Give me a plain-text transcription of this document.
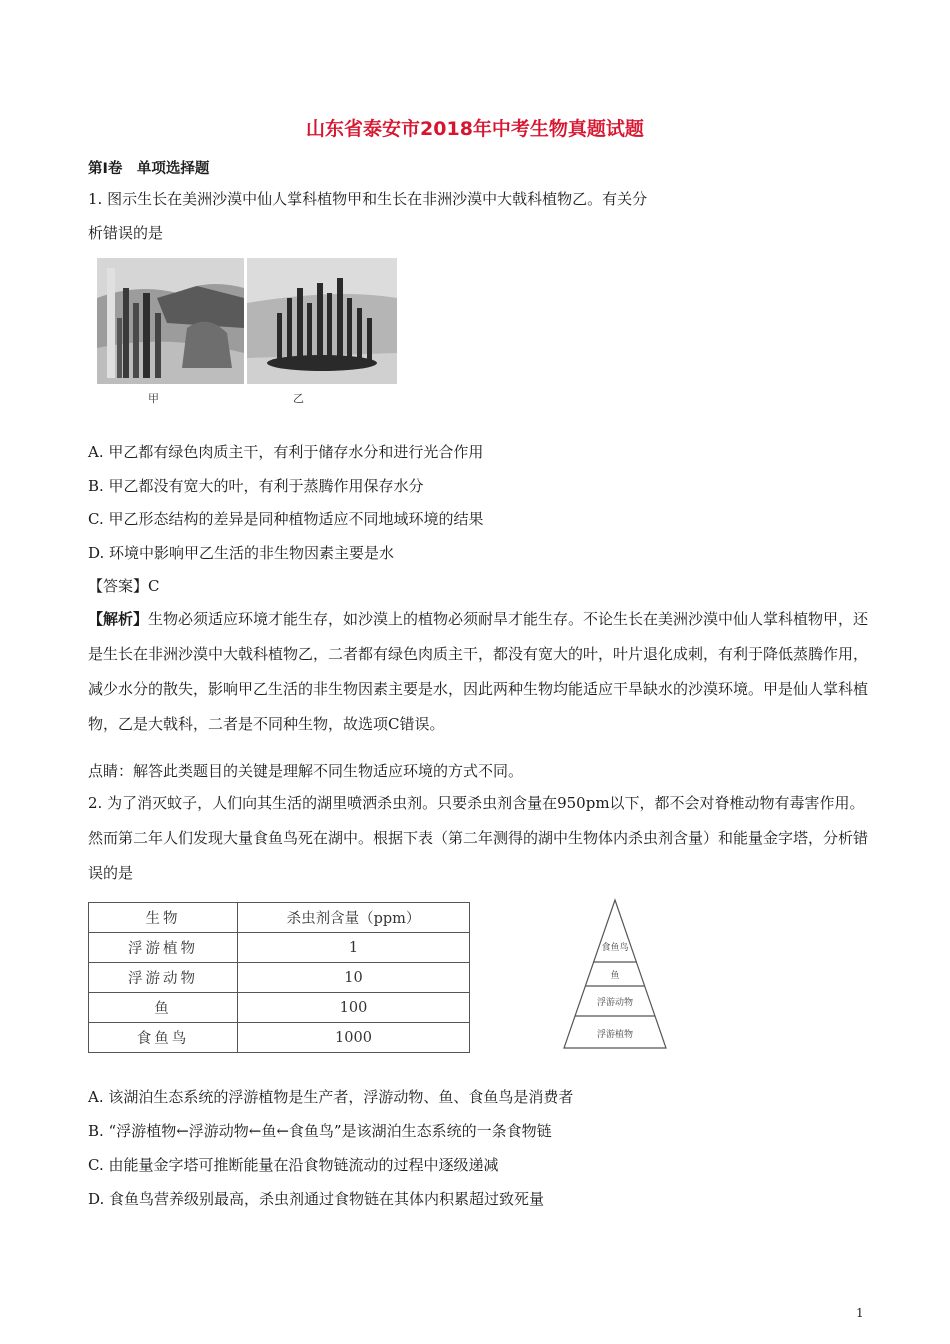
山东省泰安市2018年中考生物真题试题
第Ⅰ卷　单项选择题
1. 图示生长在美洲沙漠中仙人掌科植物甲和生长在非洲沙漠中大戟科植物乙。有关分
析错误的是
甲	乙
A. 甲乙都有绿色肉质主干，有利于储存水分和进行光合作用
B. 甲乙都没有宽大的叶，有利于蒸腾作用保存水分
C. 甲乙形态结构的差异是同种植物适应不同地域环境的结果
D. 环境中影响甲乙生活的非生物因素主要是水
【答案】C
【解析】生物必须适应环境才能生存，如沙漠上的植物必须耐旱才能生存。不论生长在美洲沙漠中仙人掌科植物甲，还是生长在非洲沙漠中大戟科植物乙，二者都有绿色肉质主干，都没有宽大的叶，叶片退化成刺，有利于降低蒸腾作用，减少水分的散失，影响甲乙生活的非生物因素主要是水，因此两种生物均能适应干旱缺水的沙漠环境。甲是仙人掌科植物，乙是大戟科，二者是不同种生物，故选项C错误。
点睛：解答此类题目的关键是理解不同生物适应环境的方式不同。
2. 为了消灭蚊子，人们向其生活的湖里喷洒杀虫剂。只要杀虫剂含量在950pm以下，都不会对脊椎动物有毒害作用。然而第二年人们发现大量食鱼鸟死在湖中。根据下表（第二年测得的湖中生物体内杀虫剂含量）和能量金字塔，分析错误的是
生物	杀虫剂含量（ppm）
浮游植物	1
浮游动物	10
鱼	100
食鱼鸟	1000
食鱼鸟
鱼
浮游动物
浮游植物
A. 该湖泊生态系统的浮游植物是生产者，浮游动物、鱼、食鱼鸟是消费者
B. “浮游植物←浮游动物←鱼←食鱼鸟”是该湖泊生态系统的一条食物链
C. 由能量金字塔可推断能量在沿食物链流动的过程中逐级递减
D. 食鱼鸟营养级别最高，杀虫剂通过食物链在其体内积累超过致死量
1
